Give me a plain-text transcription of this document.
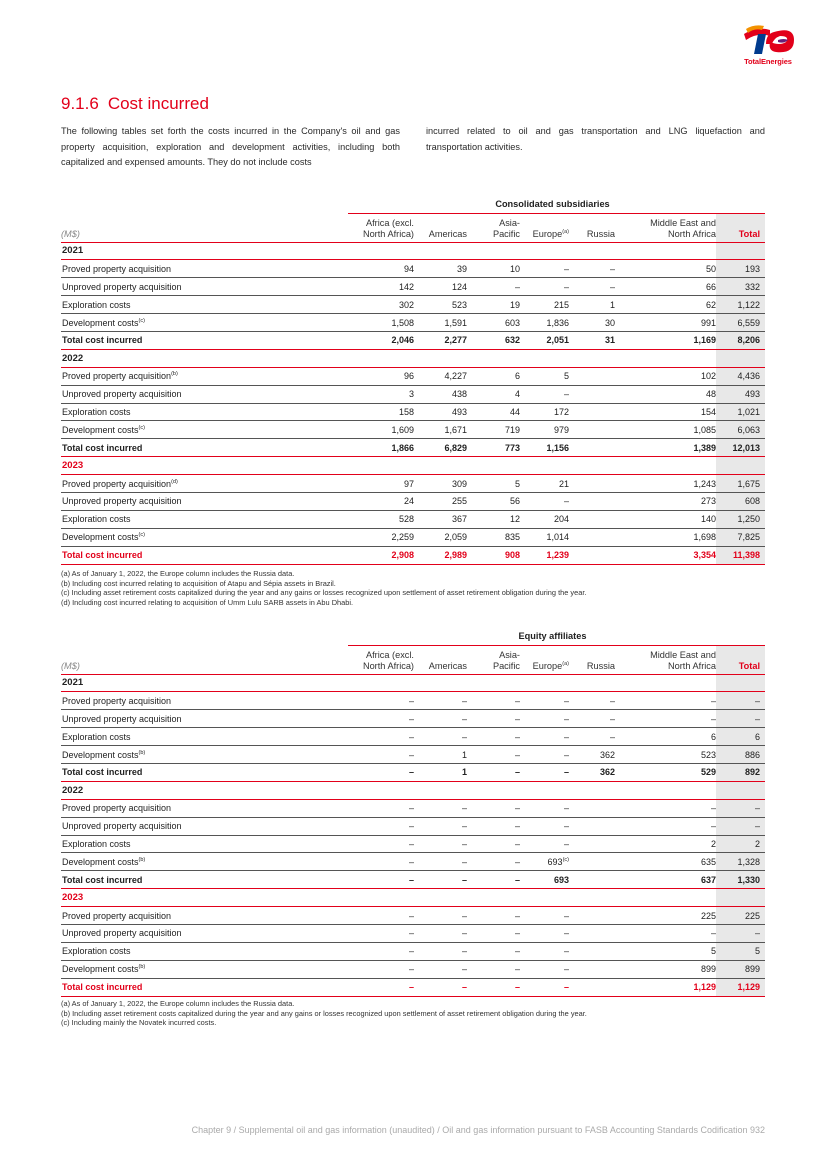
TotalEnergies
9.1.6 Cost incurred

The following tables set forth the costs incurred in the Company's oil and gas property acquisition, exploration and development activities, including both capitalized and expensed amounts. They do not include costs

incurred related to oil and gas transportation and LNG liquefaction and transportation activities.

Consolidated subsidiaries
(M$)	Africa (excl.
North Africa)	Americas	Asia-
Pacific	Europe$^{(a)}$	Russia	Middle East and
North Africa	Total
2021							
Proved property acquisition	94	39	10	–	–	50	193
Unproved property acquisition	142	124	–	–	–	66	332
Exploration costs	302	523	19	215	1	62	1,122
Development costs$^{(c)}$	1,508	1,591	603	1,836	30	991	6,559
Total cost incurred	2,046	2,277	632	2,051	31	1,169	8,206
2022							
Proved property acquisition$^{(b)}$	96	4,227	6	5		102	4,436
Unproved property acquisition	3	438	4	–		48	493
Exploration costs	158	493	44	172		154	1,021
Development costs$^{(c)}$	1,609	1,671	719	979		1,085	6,063
Total cost incurred	1,866	6,829	773	1,156		1,389	12,013
2023							
Proved property acquisition$^{(d)}$	97	309	5	21		1,243	1,675
Unproved property acquisition	24	255	56	–		273	608
Exploration costs	528	367	12	204		140	1,250
Development costs$^{(c)}$	2,259	2,059	835	1,014		1,698	7,825
Total cost incurred	2,908	2,989	908	1,239		3,354	11,398
(a) As of January 1, 2022, the Europe column includes the Russia data.
(b) Including cost incurred relating to acquisition of Atapu and Sépia assets in Brazil.
(c) Including asset retirement costs capitalized during the year and any gains or losses recognized upon settlement of asset retirement obligation during the year.
(d) Including cost incurred relating to acquisition of Umm Lulu SARB assets in Abu Dhabi.
Equity affiliates
(M$)	Africa (excl.
North Africa)	Americas	Asia-
Pacific	Europe$^{(a)}$	Russia	Middle East and
North Africa	Total
2021							
Proved property acquisition	–	–	–	–	–	–	–
Unproved property acquisition	–	–	–	–	–	–	–
Exploration costs	–	–	–	–	–	6	6
Development costs$^{(b)}$	–	1	–	–	362	523	886
Total cost incurred	–	1	–	–	362	529	892
2022							
Proved property acquisition	–	–	–	–		–	–
Unproved property acquisition	–	–	–	–		–	–
Exploration costs	–	–	–	–		2	2
Development costs$^{(b)}$	–	–	–	693$^{(c)}$		635	1,328
Total cost incurred	–	–	–	693		637	1,330
2023							
Proved property acquisition	–	–	–	–		225	225
Unproved property acquisition	–	–	–	–		–	–
Exploration costs	–	–	–	–		5	5
Development costs$^{(b)}$	–	–	–	–		899	899
Total cost incurred	–	–	–	–		1,129	1,129
(a) As of January 1, 2022, the Europe column includes the Russia data.
(b) Including asset retirement costs capitalized during the year and any gains or losses recognized upon settlement of asset retirement obligation during the year.
(c) Including mainly the Novatek incurred costs.
Chapter 9 / Supplemental oil and gas information (unaudited) / Oil and gas information pursuant to FASB Accounting Standards Codification 932
